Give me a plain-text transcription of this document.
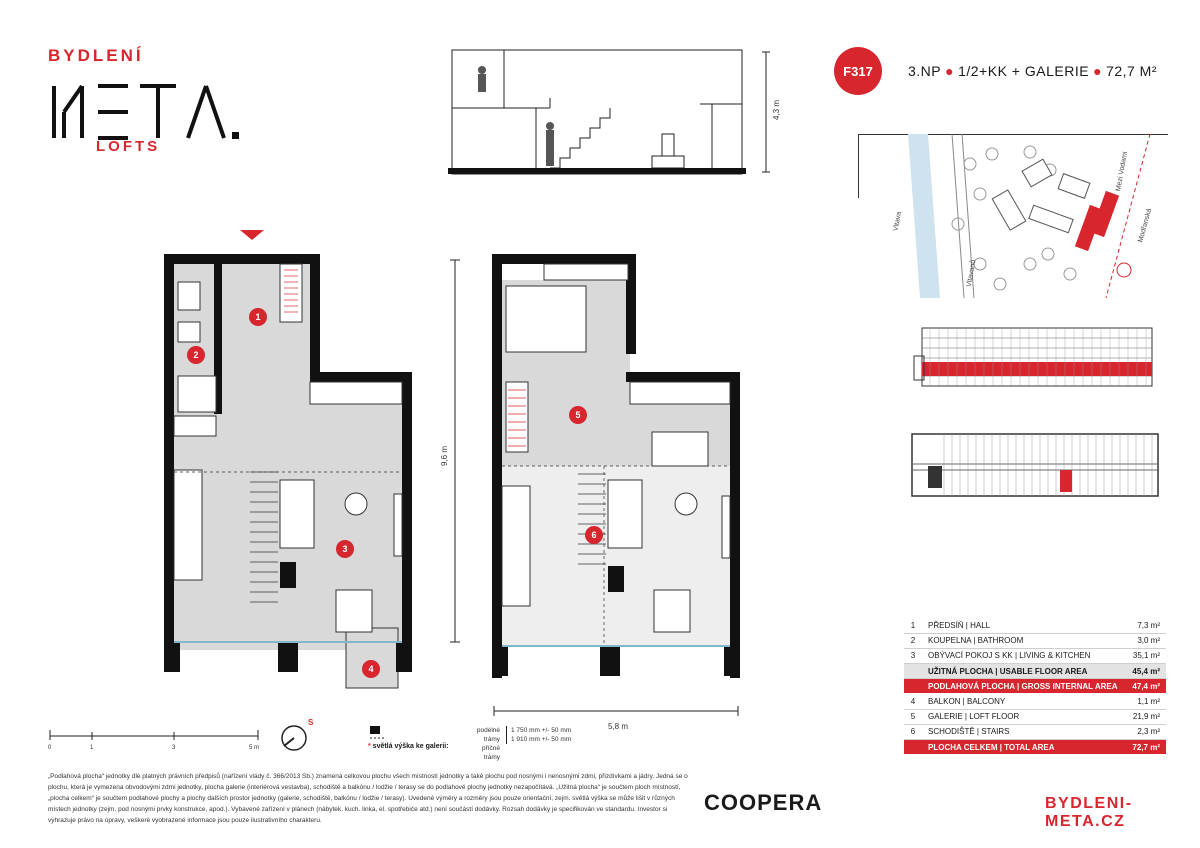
BYDLENÍ
LOFTS
4,3 m
F317	3.NP ● 1/2+KK + GALERIE ● 72,7 M²
Vltava
Vltavanů
Mezi Vodami
Modřanská
1
2
3
4
9,6 m
5
6
5,8 m
1	PŘEDSÍŇ | HALL	7,3 m²
2	KOUPELNA | BATHROOM	3,0 m²
3	OBÝVACÍ POKOJ S KK | LIVING & KITCHEN	35,1 m²
	UŽITNÁ PLOCHA | USABLE FLOOR AREA	45,4 m²
	PODLAHOVÁ PLOCHA | GROSS INTERNAL AREA	47,4 m²
4	BALKON | BALCONY	1,1 m²
5	GALERIE | LOFT FLOOR	21,9 m²
6	SCHODIŠTĚ | STAIRS	2,3 m²
	PLOCHA CELKEM | TOTAL AREA	72,7 m²
0	1	3	5 m
S
podélné trámy
příčné trámy
1 750 mm +/- 50 mm
1 910 mm +/- 50 mm
* světlá výška ke galerii:
„Podlahová plocha“ jednotky dle platných právních předpisů (nařízení vlády č. 366/2013 Sb.) znamená celkovou plochu všech místností jednotky a také plochu pod nosnými i nenosnými zdmi, přizdívkami a jádry. Jedná se o plochu, která je vymezena obvodovými zdmi jednotky, plocha galerie (interiérová vestavba), schodiště a balkónu / lodžie / terasy se do podlahové plochy jednotky nezapočítává. „Užitná plocha“ je součtem ploch místností, „plocha celkem“ je součtem podlahové plochy a plochy dalších prostor jednotky (galerie, schodiště, balkónu / lodžie / terasy). Uvedené výměry a rozměry jsou pouze orientační, zejm. světlá výška se může lišit v různých místech jednotky (zejm. pod nosnými prvky konstrukce, apod.). Vybavené zařízení v plánech (nábytek, kuch. linka, el. spotřebiče atd.) není součástí dodávky. Rozsah dodávky je specifikován ve standardu. Investor si vyhrazuje právo na úpravy, veškeré vyobrazené informace jsou pouze ilustrativního charakteru.
COOPERA	BYDLENI-META.CZ
